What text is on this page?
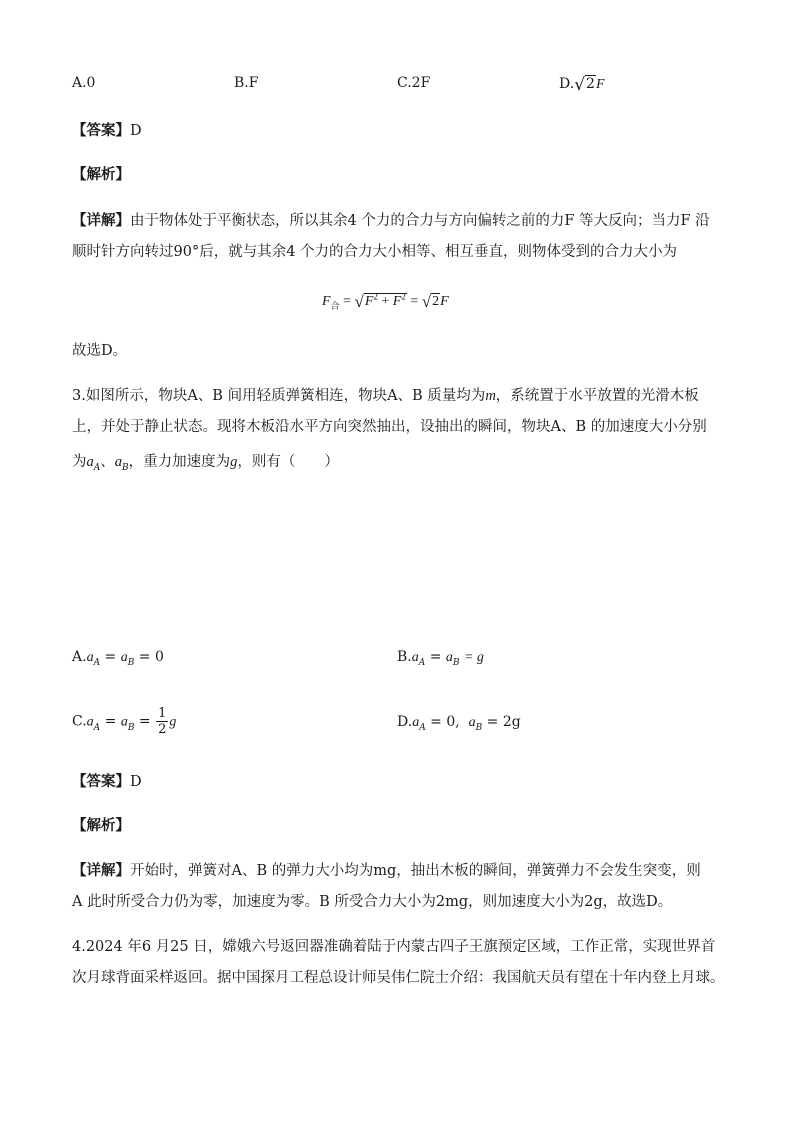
A.0	B.F	C.2F	D.√2F
【答案】D
【解析】
【详解】由于物体处于平衡状态，所以其余4 个力的合力与方向偏转之前的力F 等大反向；当力F 沿
顺时针方向转过90°后，就与其余4 个力的合力大小相等、相互垂直，则物体受到的合力大小为
$F_合 = √F^2 + F^2 = √2F$
故选D。
3.如图所示，物块A、B 间用轻质弹簧相连，物块A、B 质量均为m，系统置于水平放置的光滑木板
上，并处于静止状态。现将木板沿水平方向突然抽出，设抽出的瞬间，物块A、B 的加速度大小分别
为$a_A$、$a_B$，重力加速度为g，则有（　　）
$A.a_A = a_B = 0$	$B.a_A = a_B = g$
$C.a_A = a_B = \frac{1}{2}$ g	$D.a_A = 0$, $a_B = 2g$
【答案】D
【解析】
【详解】开始时，弹簧对A、B 的弹力大小均为mg，抽出木板的瞬间，弹簧弹力不会发生突变，则
A 此时所受合力仍为零，加速度为零。B 所受合力大小为2mg，则加速度大小为2g，故选D。
4.2024 年6 月25 日，嫦娥六号返回器准确着陆于内蒙古四子王旗预定区域，工作正常，实现世界首
次月球背面采样返回。据中国探月工程总设计师吴伟仁院士介绍：我国航天员有望在十年内登上月球。
